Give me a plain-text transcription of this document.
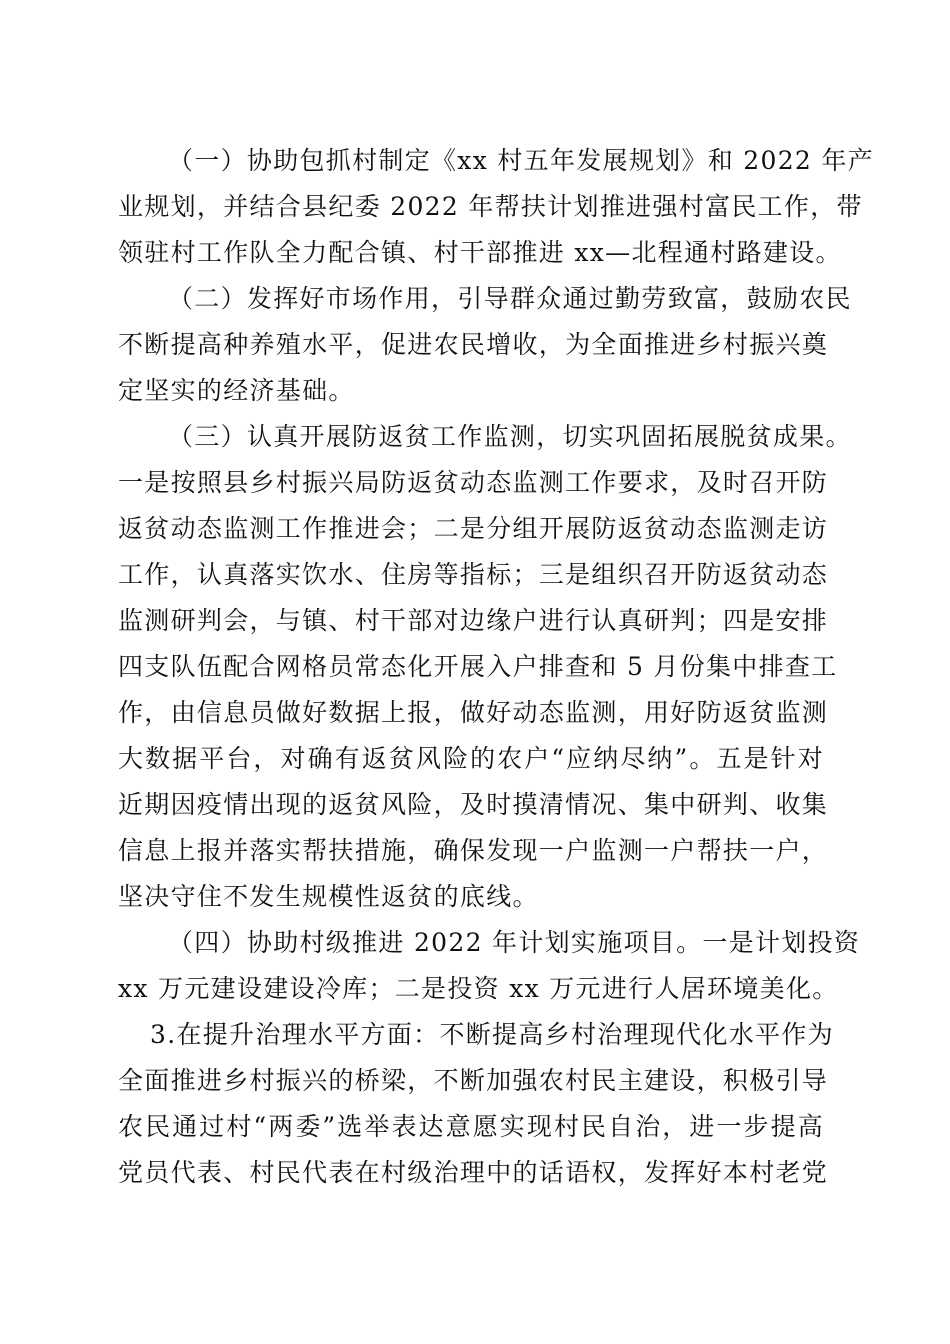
（一）协助包抓村制定《xx 村五年发展规划》和 2022 年产
业规划，并结合县纪委 2022 年帮扶计划推进强村富民工作，带
领驻村工作队全力配合镇、村干部推进 xx—北程通村路建设。

（二）发挥好市场作用，引导群众通过勤劳致富，鼓励农民
不断提高种养殖水平，促进农民增收，为全面推进乡村振兴奠
定坚实的经济基础。

（三）认真开展防返贫工作监测，切实巩固拓展脱贫成果。
一是按照县乡村振兴局防返贫动态监测工作要求，及时召开防
返贫动态监测工作推进会；二是分组开展防返贫动态监测走访
工作，认真落实饮水、住房等指标；三是组织召开防返贫动态
监测研判会，与镇、村干部对边缘户进行认真研判；四是安排
四支队伍配合网格员常态化开展入户排查和 5 月份集中排查工
作，由信息员做好数据上报，做好动态监测，用好防返贫监测
大数据平台，对确有返贫风险的农户“应纳尽纳”。五是针对
近期因疫情出现的返贫风险，及时摸清情况、集中研判、收集
信息上报并落实帮扶措施，确保发现一户监测一户帮扶一户，
坚决守住不发生规模性返贫的底线。

（四）协助村级推进 2022 年计划实施项目。一是计划投资
xx 万元建设建设冷库；二是投资 xx 万元进行人居环境美化。

3.在提升治理水平方面：不断提高乡村治理现代化水平作为
全面推进乡村振兴的桥梁，不断加强农村民主建设，积极引导
农民通过村“两委”选举表达意愿实现村民自治，进一步提高
党员代表、村民代表在村级治理中的话语权，发挥好本村老党
